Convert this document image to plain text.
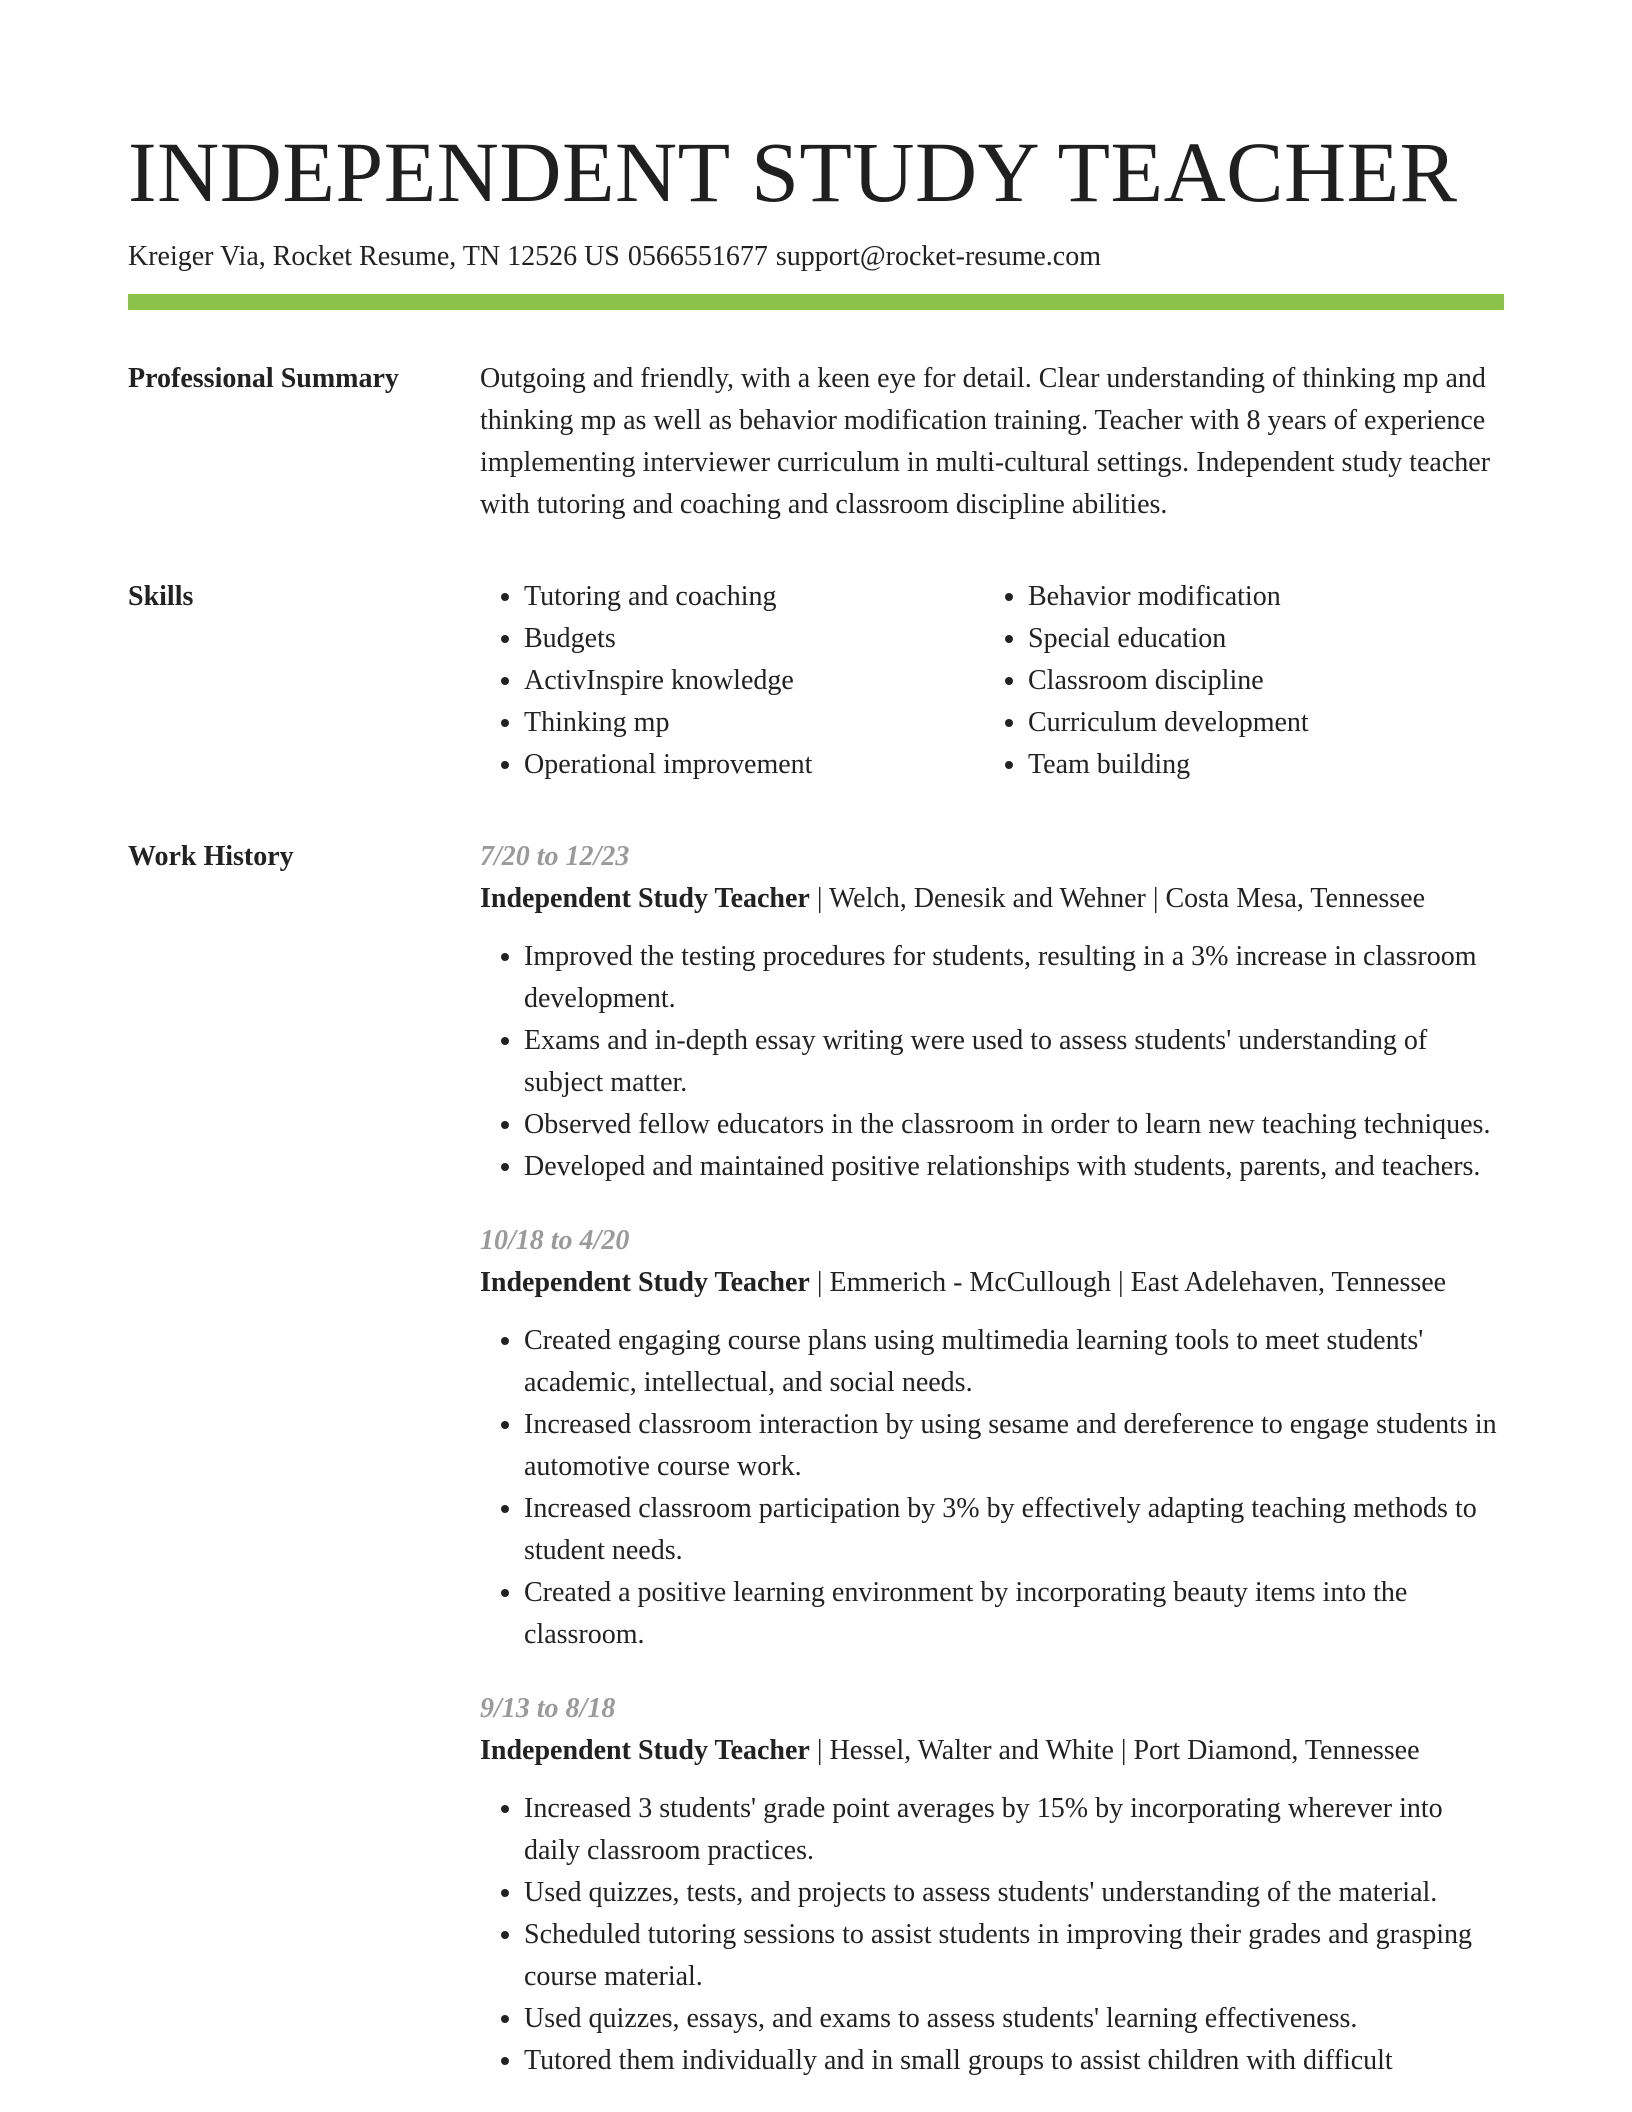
INDEPENDENT STUDY TEACHER
Kreiger Via, Rocket Resume, TN 12526 US 0566551677 support@rocket-resume.com
Professional Summary	Outgoing and friendly, with a keen eye for detail. Clear understanding of thinking mp and thinking mp as well as behavior modification training. Teacher with 8 years of experience implementing interviewer curriculum in multi-cultural settings. Independent study teacher with tutoring and coaching and classroom discipline abilities.

Skills
•	Tutoring and coaching
• Budgets
• ActivInspire knowledge
• Thinking mp
• Operational improvement
• Behavior modification
• Special education
• Classroom discipline
• Curriculum development
• Team building
Work History	7/20 to 12/23
Independent Study Teacher | Welch, Denesik and Wehner | Costa Mesa, Tennessee
• Improved the testing procedures for students, resulting in a 3% increase in classroom development.
• Exams and in-depth essay writing were used to assess students' understanding of subject matter.
• Observed fellow educators in the classroom in order to learn new teaching techniques.
• Developed and maintained positive relationships with students, parents, and teachers.
10/18 to 4/20
Independent Study Teacher | Emmerich - McCullough | East Adelehaven, Tennessee
• Created engaging course plans using multimedia learning tools to meet students' academic, intellectual, and social needs.
• Increased classroom interaction by using sesame and dereference to engage students in automotive course work.
• Increased classroom participation by 3% by effectively adapting teaching methods to student needs.
• Created a positive learning environment by incorporating beauty items into the classroom.
9/13 to 8/18
Independent Study Teacher | Hessel, Walter and White | Port Diamond, Tennessee
• Increased 3 students' grade point averages by 15% by incorporating wherever into daily classroom practices.
• Used quizzes, tests, and projects to assess students' understanding of the material.
• Scheduled tutoring sessions to assist students in improving their grades and grasping course material.
• Used quizzes, essays, and exams to assess students' learning effectiveness.
• Tutored them individually and in small groups to assist children with difficult
